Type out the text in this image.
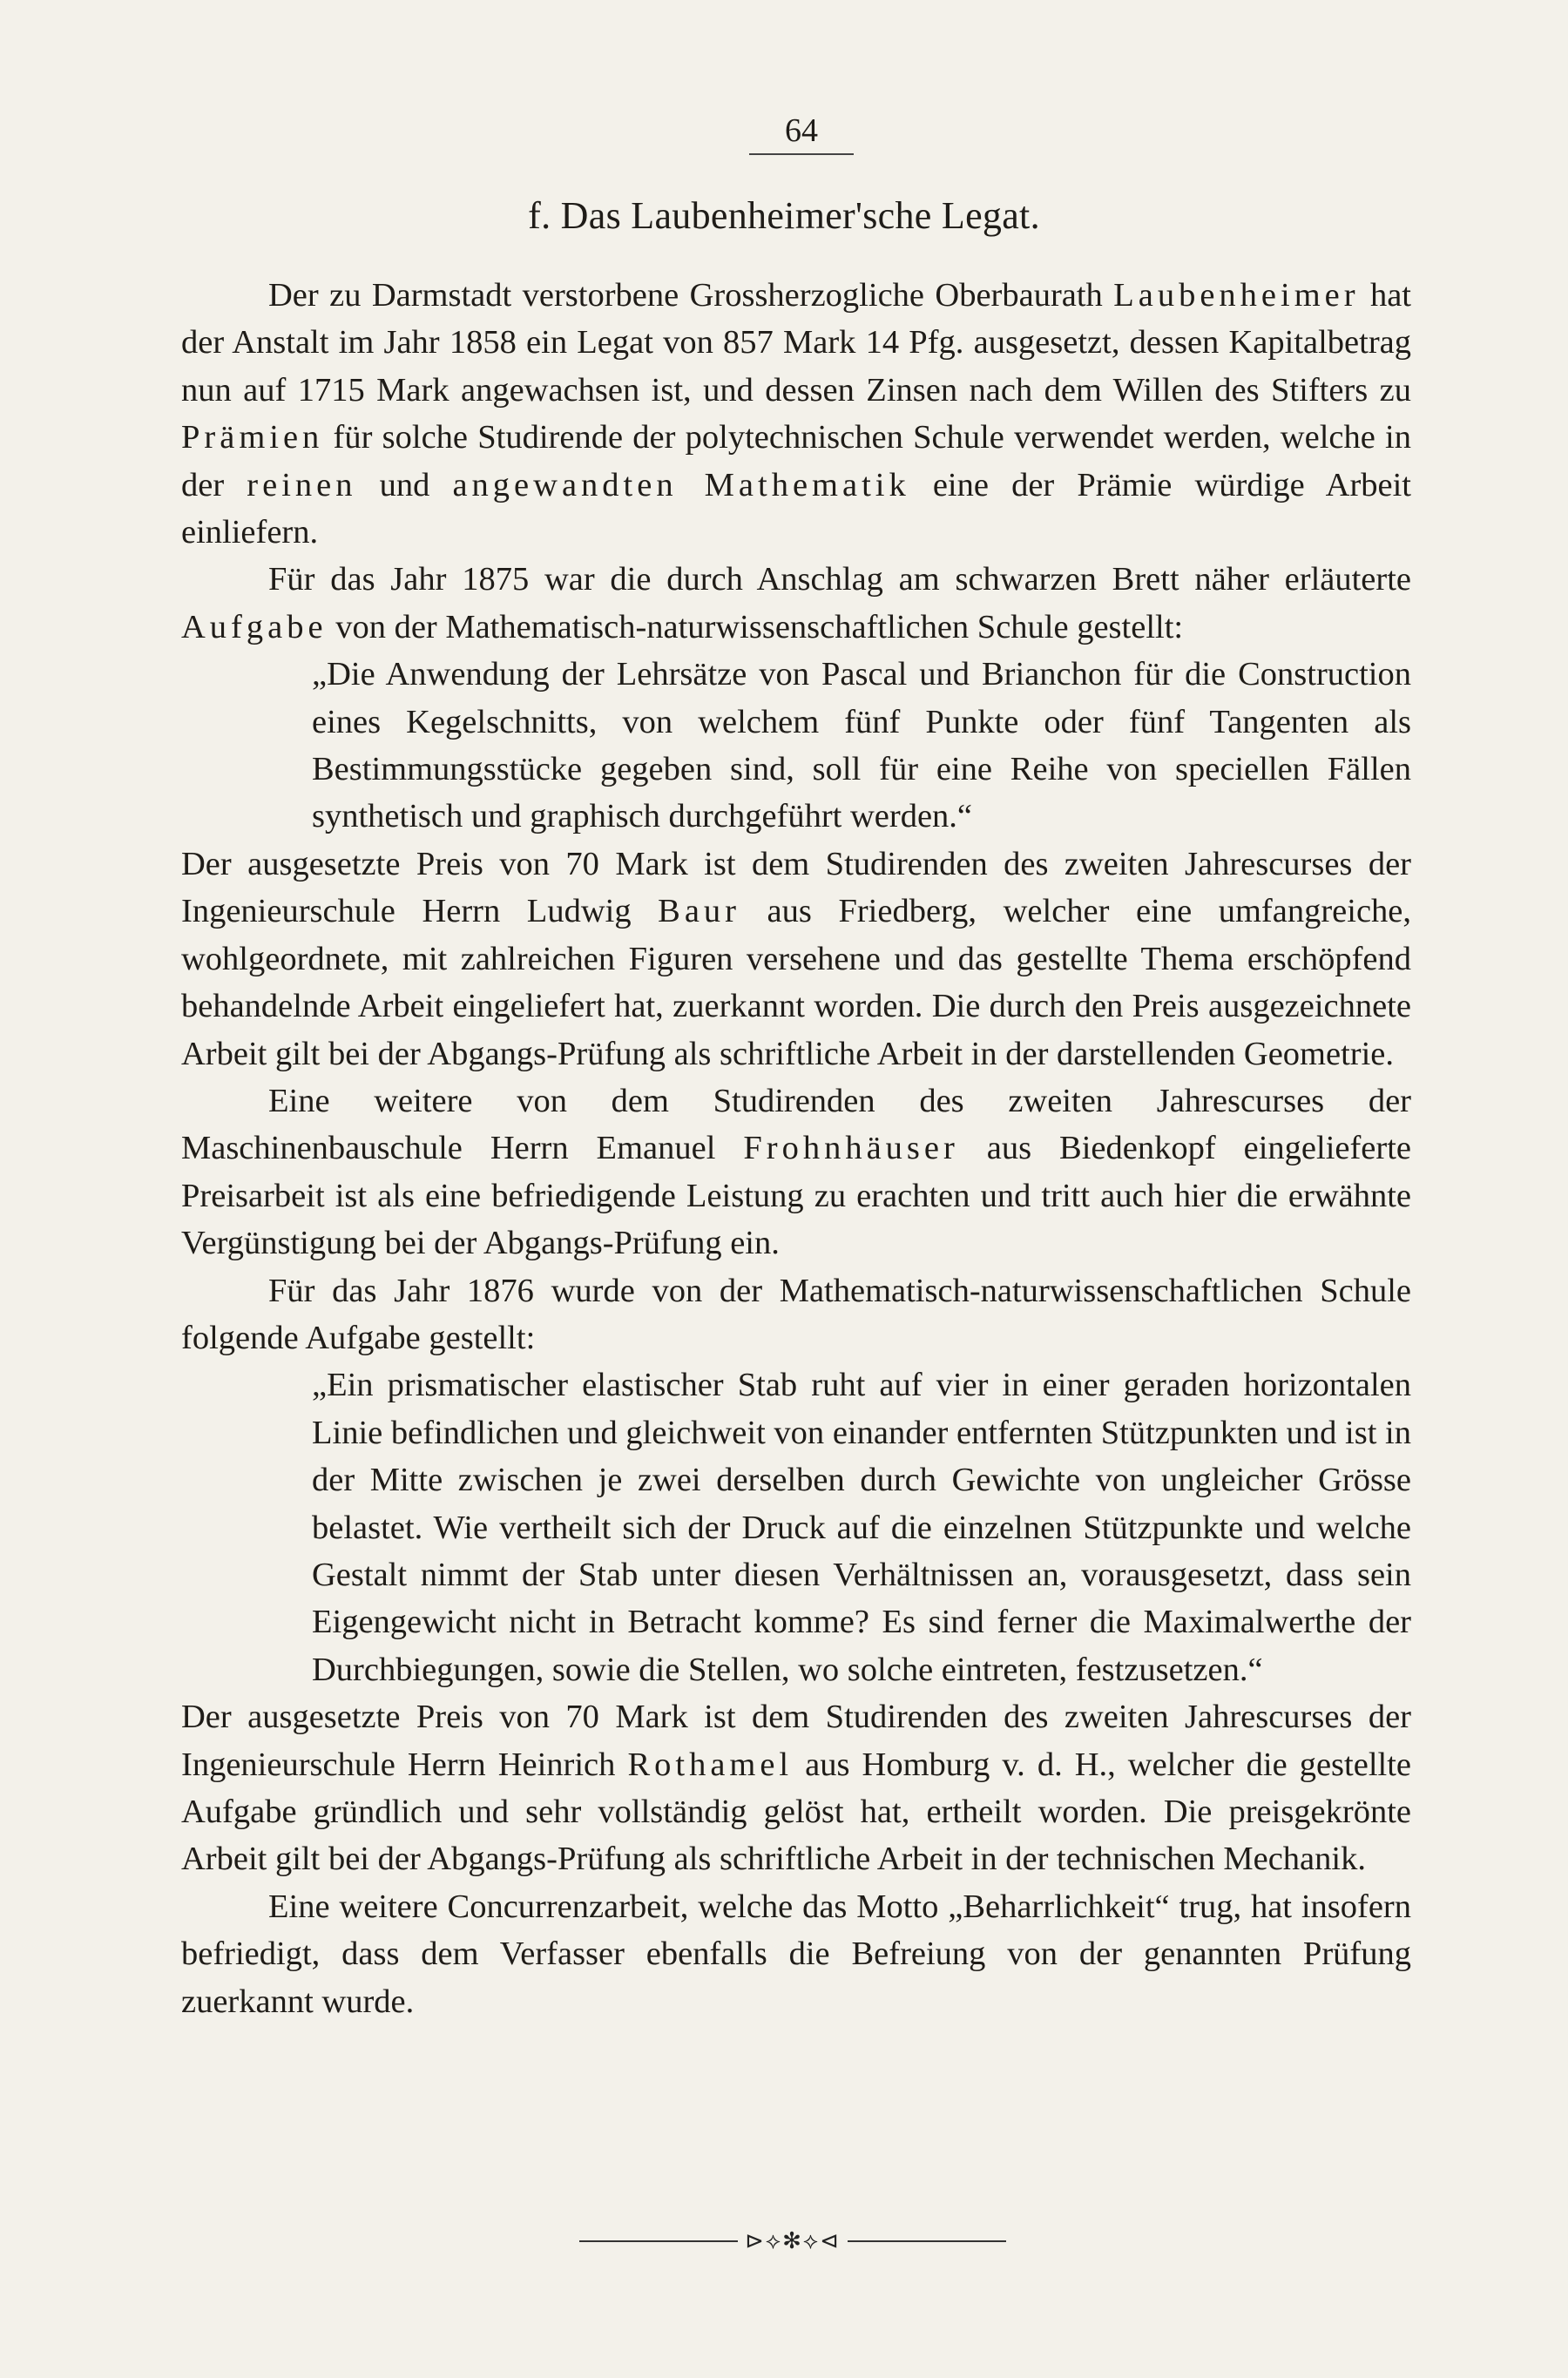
64
f. Das Laubenheimer'sche Legat.

Der zu Darmstadt verstorbene Grossherzogliche Oberbaurath Laubenheimer hat der Anstalt im Jahr 1858 ein Legat von 857 Mark 14 Pfg. ausgesetzt, dessen Kapitalbetrag nun auf 1715 Mark angewachsen ist, und dessen Zinsen nach dem Willen des Stifters zu Prämien für solche Studirende der polytechnischen Schule verwendet werden, welche in der reinen und angewandten Mathematik eine der Prämie würdige Arbeit einliefern.

Für das Jahr 1875 war die durch Anschlag am schwarzen Brett näher erläuterte Aufgabe von der Mathematisch-naturwissenschaftlichen Schule gestellt:

„Die Anwendung der Lehrsätze von Pascal und Brianchon für die Construction eines Kegelschnitts, von welchem fünf Punkte oder fünf Tangenten als Bestimmungsstücke gegeben sind, soll für eine Reihe von speciellen Fällen synthetisch und graphisch durchgeführt werden.“

Der ausgesetzte Preis von 70 Mark ist dem Studirenden des zweiten Jahrescurses der Ingenieurschule Herrn Ludwig Baur aus Friedberg, welcher eine umfangreiche, wohlgeordnete, mit zahlreichen Figuren versehene und das gestellte Thema erschöpfend behandelnde Arbeit eingeliefert hat, zuerkannt worden. Die durch den Preis ausgezeichnete Arbeit gilt bei der Abgangs-Prüfung als schriftliche Arbeit in der darstellenden Geometrie.

Eine weitere von dem Studirenden des zweiten Jahrescurses der Maschinenbauschule Herrn Emanuel Frohnhäuser aus Biedenkopf eingelieferte Preisarbeit ist als eine befriedigende Leistung zu erachten und tritt auch hier die erwähnte Vergünstigung bei der Abgangs-Prüfung ein.

Für das Jahr 1876 wurde von der Mathematisch-naturwissenschaftlichen Schule folgende Aufgabe gestellt:

„Ein prismatischer elastischer Stab ruht auf vier in einer geraden horizontalen Linie befindlichen und gleichweit von einander entfernten Stützpunkten und ist in der Mitte zwischen je zwei derselben durch Gewichte von ungleicher Grösse belastet. Wie vertheilt sich der Druck auf die einzelnen Stützpunkte und welche Gestalt nimmt der Stab unter diesen Verhältnissen an, vorausgesetzt, dass sein Eigengewicht nicht in Betracht komme? Es sind ferner die Maximalwerthe der Durchbiegungen, sowie die Stellen, wo solche eintreten, festzusetzen.“

Der ausgesetzte Preis von 70 Mark ist dem Studirenden des zweiten Jahrescurses der Ingenieurschule Herrn Heinrich Rothamel aus Homburg v. d. H., welcher die gestellte Aufgabe gründlich und sehr vollständig gelöst hat, ertheilt worden. Die preisgekrönte Arbeit gilt bei der Abgangs-Prüfung als schriftliche Arbeit in der technischen Mechanik.

Eine weitere Concurrenzarbeit, welche das Motto „Beharrlichkeit“ trug, hat insofern befriedigt, dass dem Verfasser ebenfalls die Befreiung von der genannten Prüfung zuerkannt wurde.

⊳⟡✻⟡⊲
